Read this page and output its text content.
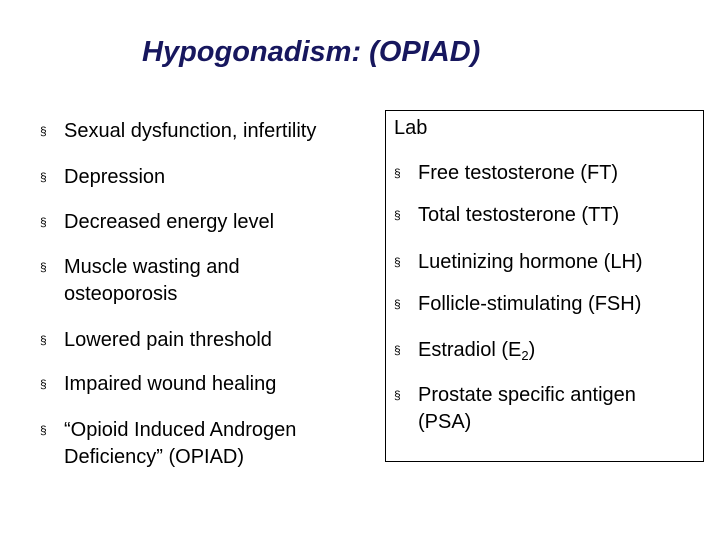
Hypogonadism: (OPIAD)
§ Sexual dysfunction, infertility
§ Depression
§ Decreased energy level
§ Muscle wasting and
osteoporosis
§ Lowered pain threshold
§ Impaired wound healing
§ “Opioid Induced Androgen
Deficiency” (OPIAD)
Lab
§ Free testosterone (FT)
§ Total testosterone (TT)
§ Luetinizing hormone (LH)
§ Follicle-stimulating (FSH)
§ Estradiol $(E_2)$
§ Prostate specific antigen
(PSA)
